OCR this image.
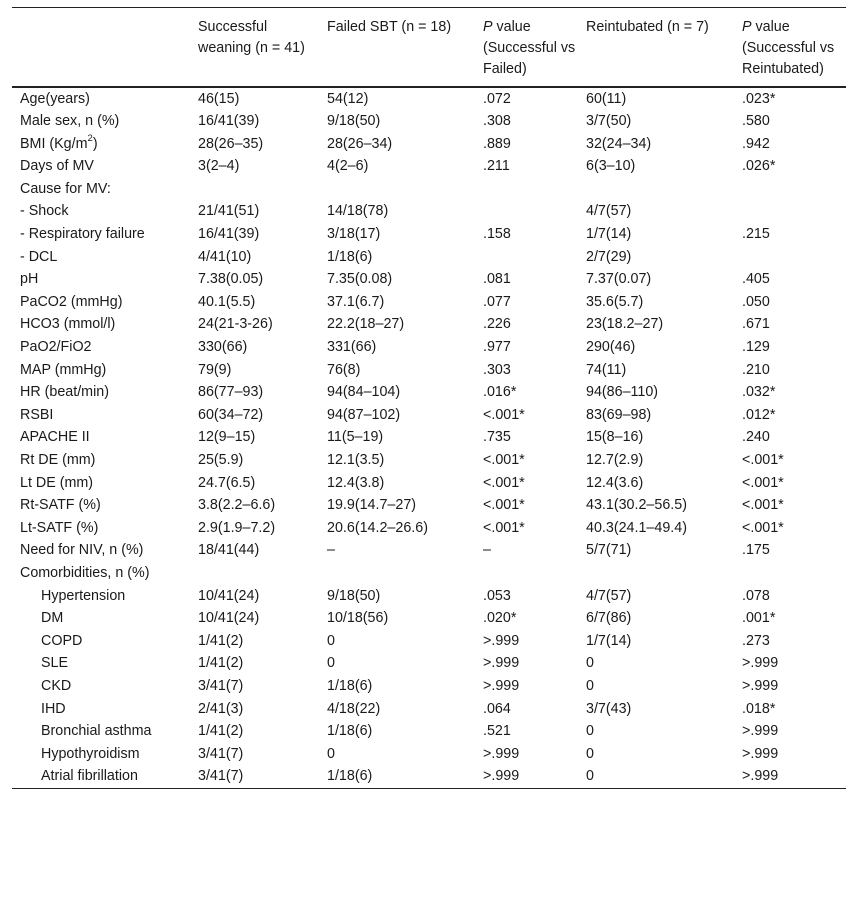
	Successful weaning (n = 41)	Failed SBT (n = 18)	P value (Successful vs Failed)	Reintubated (n = 7)	P value (Successful vs Reintubated)
Age(years)	46(15)	54(12)	.072	60(11)	.023*
Male sex, n (%)	16/41(39)	9/18(50)	.308	3/7(50)	.580
BMI $(Kg/m^2)$	28(26–35)	28(26–34)	.889	32(24–34)	.942
Days of MV	3(2–4)	4(2–6)	.211	6(3–10)	.026*
Cause for MV:					
- Shock	21/41(51)	14/18(78)		4/7(57)	
- Respiratory failure	16/41(39)	3/18(17)	.158	1/7(14)	.215
- DCL	4/41(10)	1/18(6)		2/7(29)	
pH	7.38(0.05)	7.35(0.08)	.081	7.37(0.07)	.405
PaCO2 (mmHg)	40.1(5.5)	37.1(6.7)	.077	35.6(5.7)	.050
HCO3 (mmol/l)	24(21-3-26)	22.2(18–27)	.226	23(18.2–27)	.671
PaO2/FiO2	330(66)	331(66)	.977	290(46)	.129
MAP (mmHg)	79(9)	76(8)	.303	74(11)	.210
HR (beat/min)	86(77–93)	94(84–104)	.016*	94(86–110)	.032*
RSBI	60(34–72)	94(87–102)	<.001*	83(69–98)	.012*
APACHE II	12(9–15)	11(5–19)	.735	15(8–16)	.240
Rt DE (mm)	25(5.9)	12.1(3.5)	<.001*	12.7(2.9)	<.001*
Lt DE (mm)	24.7(6.5)	12.4(3.8)	<.001*	12.4(3.6)	<.001*
Rt-SATF (%)	3.8(2.2–6.6)	19.9(14.7–27)	<.001*	43.1(30.2–56.5)	<.001*
Lt-SATF (%)	2.9(1.9–7.2)	20.6(14.2–26.6)	<.001*	40.3(24.1–49.4)	<.001*
Need for NIV, n (%)	18/41(44)	–	–	5/7(71)	.175
Comorbidities, n (%)					
Hypertension	10/41(24)	9/18(50)	.053	4/7(57)	.078
DM	10/41(24)	10/18(56)	.020*	6/7(86)	.001*
COPD	1/41(2)	0	>.999	1/7(14)	.273
SLE	1/41(2)	0	>.999	0	>.999
CKD	3/41(7)	1/18(6)	>.999	0	>.999
IHD	2/41(3)	4/18(22)	.064	3/7(43)	.018*
Bronchial asthma	1/41(2)	1/18(6)	.521	0	>.999
Hypothyroidism	3/41(7)	0	>.999	0	>.999
Atrial fibrillation	3/41(7)	1/18(6)	>.999	0	>.999
